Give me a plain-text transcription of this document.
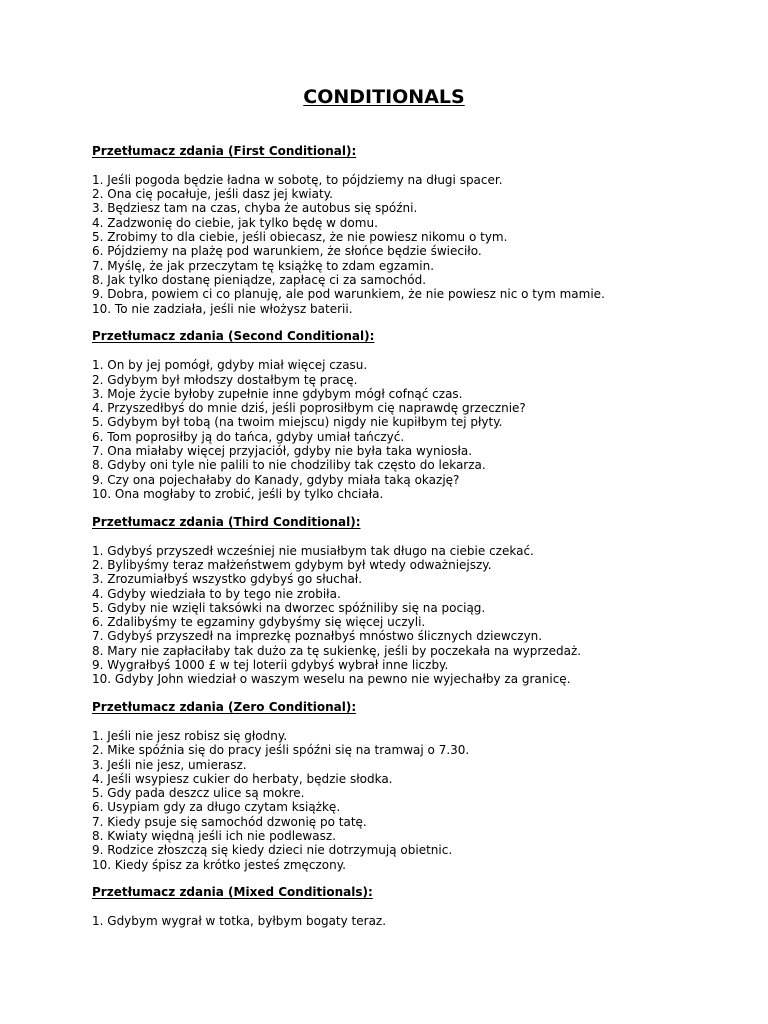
CONDITIONALS
Przetłumacz zdania (First Conditional):
1. Jeśli pogoda będzie ładna w sobotę, to pójdziemy na długi spacer.
2. Ona cię pocałuje, jeśli dasz jej kwiaty.
3. Będziesz tam na czas, chyba że autobus się spóźni.
4. Zadzwonię do ciebie, jak tylko będę w domu.
5. Zrobimy to dla ciebie, jeśli obiecasz, że nie powiesz nikomu o tym.
6. Pójdziemy na plażę pod warunkiem, że słońce będzie świeciło.
7. Myślę, że jak przeczytam tę książkę to zdam egzamin.
8. Jak tylko dostanę pieniądze, zapłacę ci za samochód.
9. Dobra, powiem ci co planuję, ale pod warunkiem, że nie powiesz nic o tym mamie.
10. To nie zadziała, jeśli nie włożysz baterii.
Przetłumacz zdania (Second Conditional):
1. On by jej pomógł, gdyby miał więcej czasu.
2. Gdybym był młodszy dostałbym tę pracę.
3. Moje życie byłoby zupełnie inne gdybym mógł cofnąć czas.
4. Przyszedłbyś do mnie dziś, jeśli poprosiłbym cię naprawdę grzecznie?
5. Gdybym był tobą (na twoim miejscu) nigdy nie kupiłbym tej płyty.
6. Tom poprosiłby ją do tańca, gdyby umiał tańczyć.
7. Ona miałaby więcej przyjaciół, gdyby nie była taka wyniosła.
8. Gdyby oni tyle nie palili to nie chodziliby tak często do lekarza.
9. Czy ona pojechałaby do Kanady, gdyby miała taką okazję?
10. Ona mogłaby to zrobić, jeśli by tylko chciała.
Przetłumacz zdania (Third Conditional):
1. Gdybyś przyszedł wcześniej nie musiałbym tak długo na ciebie czekać.
2. Bylibyśmy teraz małżeństwem gdybym był wtedy odważniejszy.
3. Zrozumiałbyś wszystko gdybyś go słuchał.
4. Gdyby wiedziała to by tego nie zrobiła.
5. Gdyby nie wzięli taksówki na dworzec spóźniliby się na pociąg.
6. Zdalibyśmy te egzaminy gdybyśmy się więcej uczyli.
7. Gdybyś przyszedł na imprezkę poznałbyś mnóstwo ślicznych dziewczyn.
8. Mary nie zapłaciłaby tak dużo za tę sukienkę, jeśli by poczekała na wyprzedaż.
9. Wygrałbyś 1000 £ w tej loterii gdybyś wybrał inne liczby.
10. Gdyby John wiedział o waszym weselu na pewno nie wyjechałby za granicę.
Przetłumacz zdania (Zero Conditional):
1. Jeśli nie jesz robisz się głodny.
2. Mike spóźnia się do pracy jeśli spóźni się na tramwaj o 7.30.
3. Jeśli nie jesz, umierasz.
4. Jeśli wsypiesz cukier do herbaty, będzie słodka.
5. Gdy pada deszcz ulice są mokre.
6. Usypiam gdy za długo czytam książkę.
7. Kiedy psuje się samochód dzwonię po tatę.
8. Kwiaty więdną jeśli ich nie podlewasz.
9. Rodzice złoszczą się kiedy dzieci nie dotrzymują obietnic.
10. Kiedy śpisz za krótko jesteś zmęczony.
Przetłumacz zdania (Mixed Conditionals):
1. Gdybym wygrał w totka, byłbym bogaty teraz.
